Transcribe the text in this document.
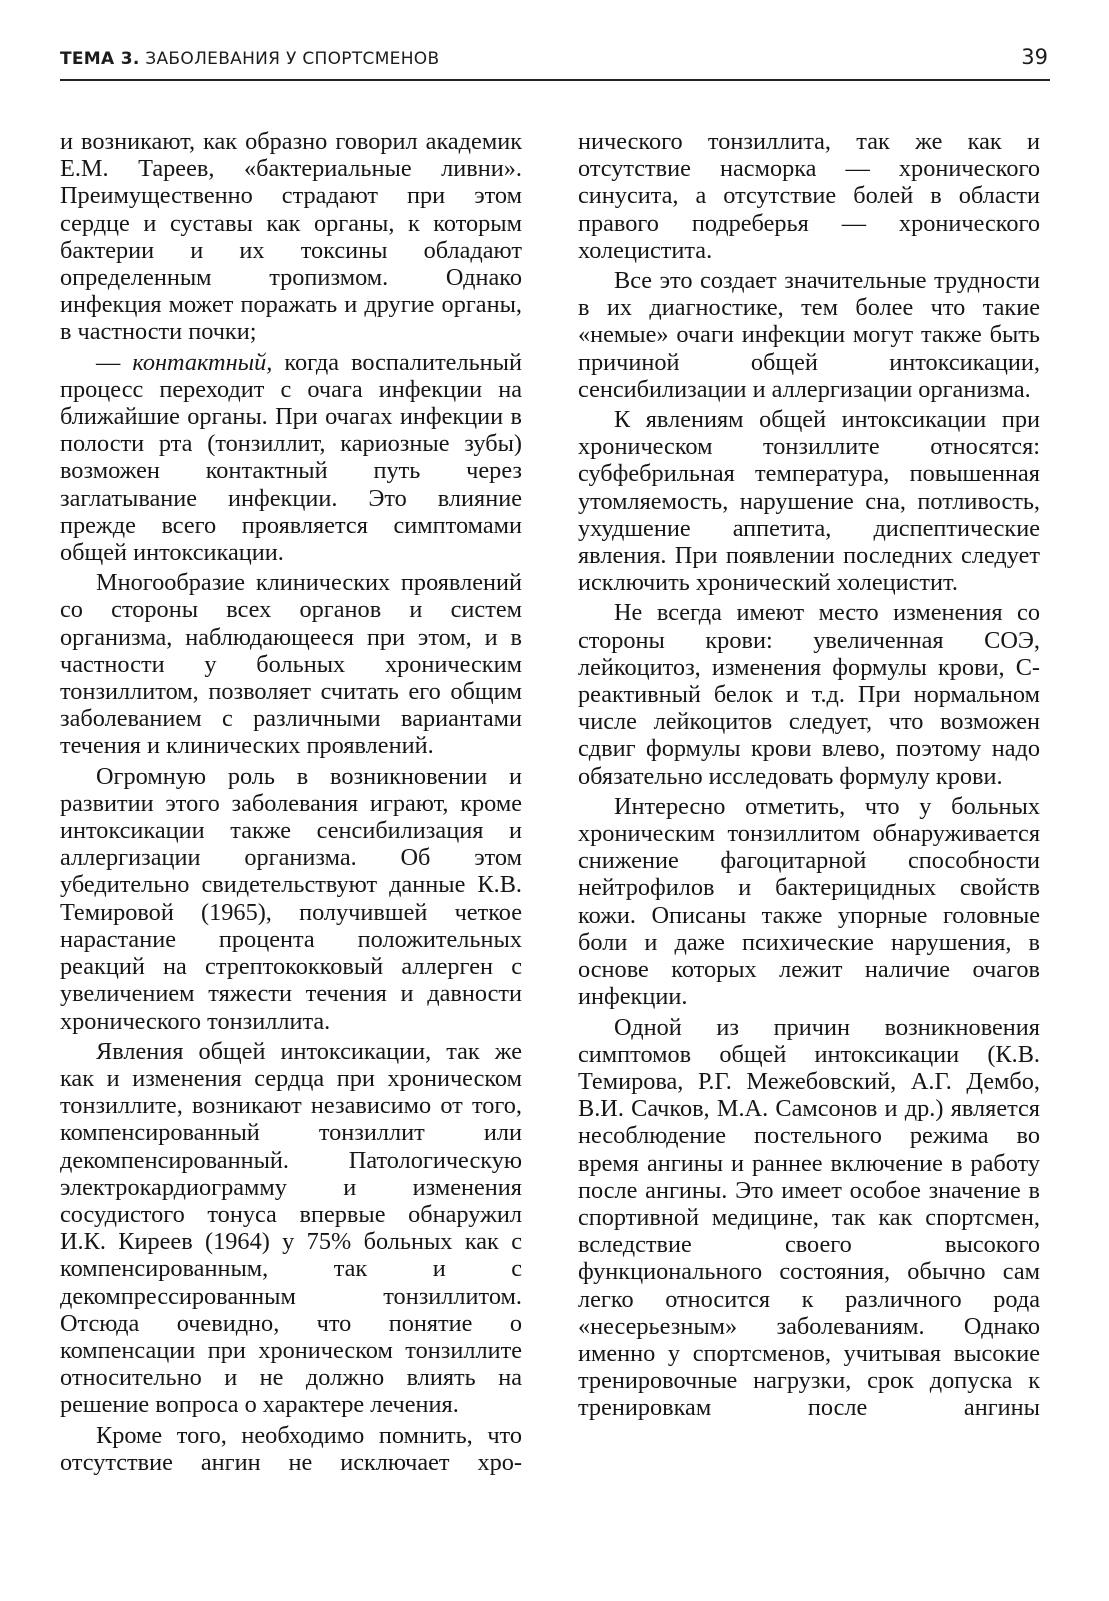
ТЕМА 3. ЗАБОЛЕВАНИЯ У СПОРТСМЕНОВ	39

и возникают, как образно говорил академик Е.М. Тареев, «бактериальные ливни». Преимущественно страдают при этом сердце и суставы как органы, к которым бактерии и их токсины обладают определенным тропизмом. Однако инфекция может поражать и другие органы, в частности почки;

— контактный, когда воспалительный процесс переходит с очага инфекции на ближайшие органы. При очагах инфекции в полости рта (тонзиллит, кариозные зубы) возможен контактный путь через заглатывание инфекции. Это влияние прежде всего проявляется симптомами общей интоксикации.

Многообразие клинических проявлений со стороны всех органов и систем организма, наблюдающееся при этом, и в частности у больных хроническим тонзиллитом, позволяет считать его общим заболеванием с различными вариантами течения и клинических проявлений.

Огромную роль в возникновении и развитии этого заболевания играют, кроме интоксикации также сенсибилизация и аллергизации организма. Об этом убедительно свидетельствуют данные К.В. Темировой (1965), получившей четкое нарастание процента положительных реакций на стрептококковый аллерген с увеличением тяжести течения и давности хронического тонзиллита.

Явления общей интоксикации, так же как и изменения сердца при хроническом тонзиллите, возникают независимо от того, компенсированный тонзиллит или декомпенсированный. Патологическую электрокардиограмму и изменения сосудистого тонуса впервые обнаружил И.К. Киреев (1964) у 75% больных как с компенсированным, так и с декомпрессированным тонзиллитом. Отсюда очевидно, что понятие о компенсации при хроническом тонзиллите относительно и не должно влиять на решение вопроса о характере лечения.

Кроме того, необходимо помнить, что отсутствие ангин не исключает хро-

нического тонзиллита, так же как и отсутствие насморка — хронического синусита, а отсутствие болей в области правого подреберья — хронического холецистита.

Все это создает значительные трудности в их диагностике, тем более что такие «немые» очаги инфекции могут также быть причиной общей интоксикации, сенсибилизации и аллергизации организма.

К явлениям общей интоксикации при хроническом тонзиллите относятся: субфебрильная температура, повышенная утомляемость, нарушение сна, потливость, ухудшение аппетита, диспептические явления. При появлении последних следует исключить хронический холецистит.

Не всегда имеют место изменения со стороны крови: увеличенная СОЭ, лейкоцитоз, изменения формулы крови, С-реактивный белок и т.д. При нормальном числе лейкоцитов следует, что возможен сдвиг формулы крови влево, поэтому надо обязательно исследовать формулу крови.

Интересно отметить, что у больных хроническим тонзиллитом обнаруживается снижение фагоцитарной способности нейтрофилов и бактерицидных свойств кожи. Описаны также упорные головные боли и даже психические нарушения, в основе которых лежит наличие очагов инфекции.

Одной из причин возникновения симптомов общей интоксикации (К.В. Темирова, Р.Г. Межебовский, А.Г. Дембо, В.И. Сачков, М.А. Самсонов и др.) является несоблюдение постельного режима во время ангины и раннее включение в работу после ангины. Это имеет особое значение в спортивной медицине, так как спортсмен, вследствие своего высокого функционального состояния, обычно сам легко относится к различного рода «несерьезным» заболеваниям. Однако именно у спортсменов, учитывая высокие тренировочные нагрузки, срок допуска к тренировкам после ангины
